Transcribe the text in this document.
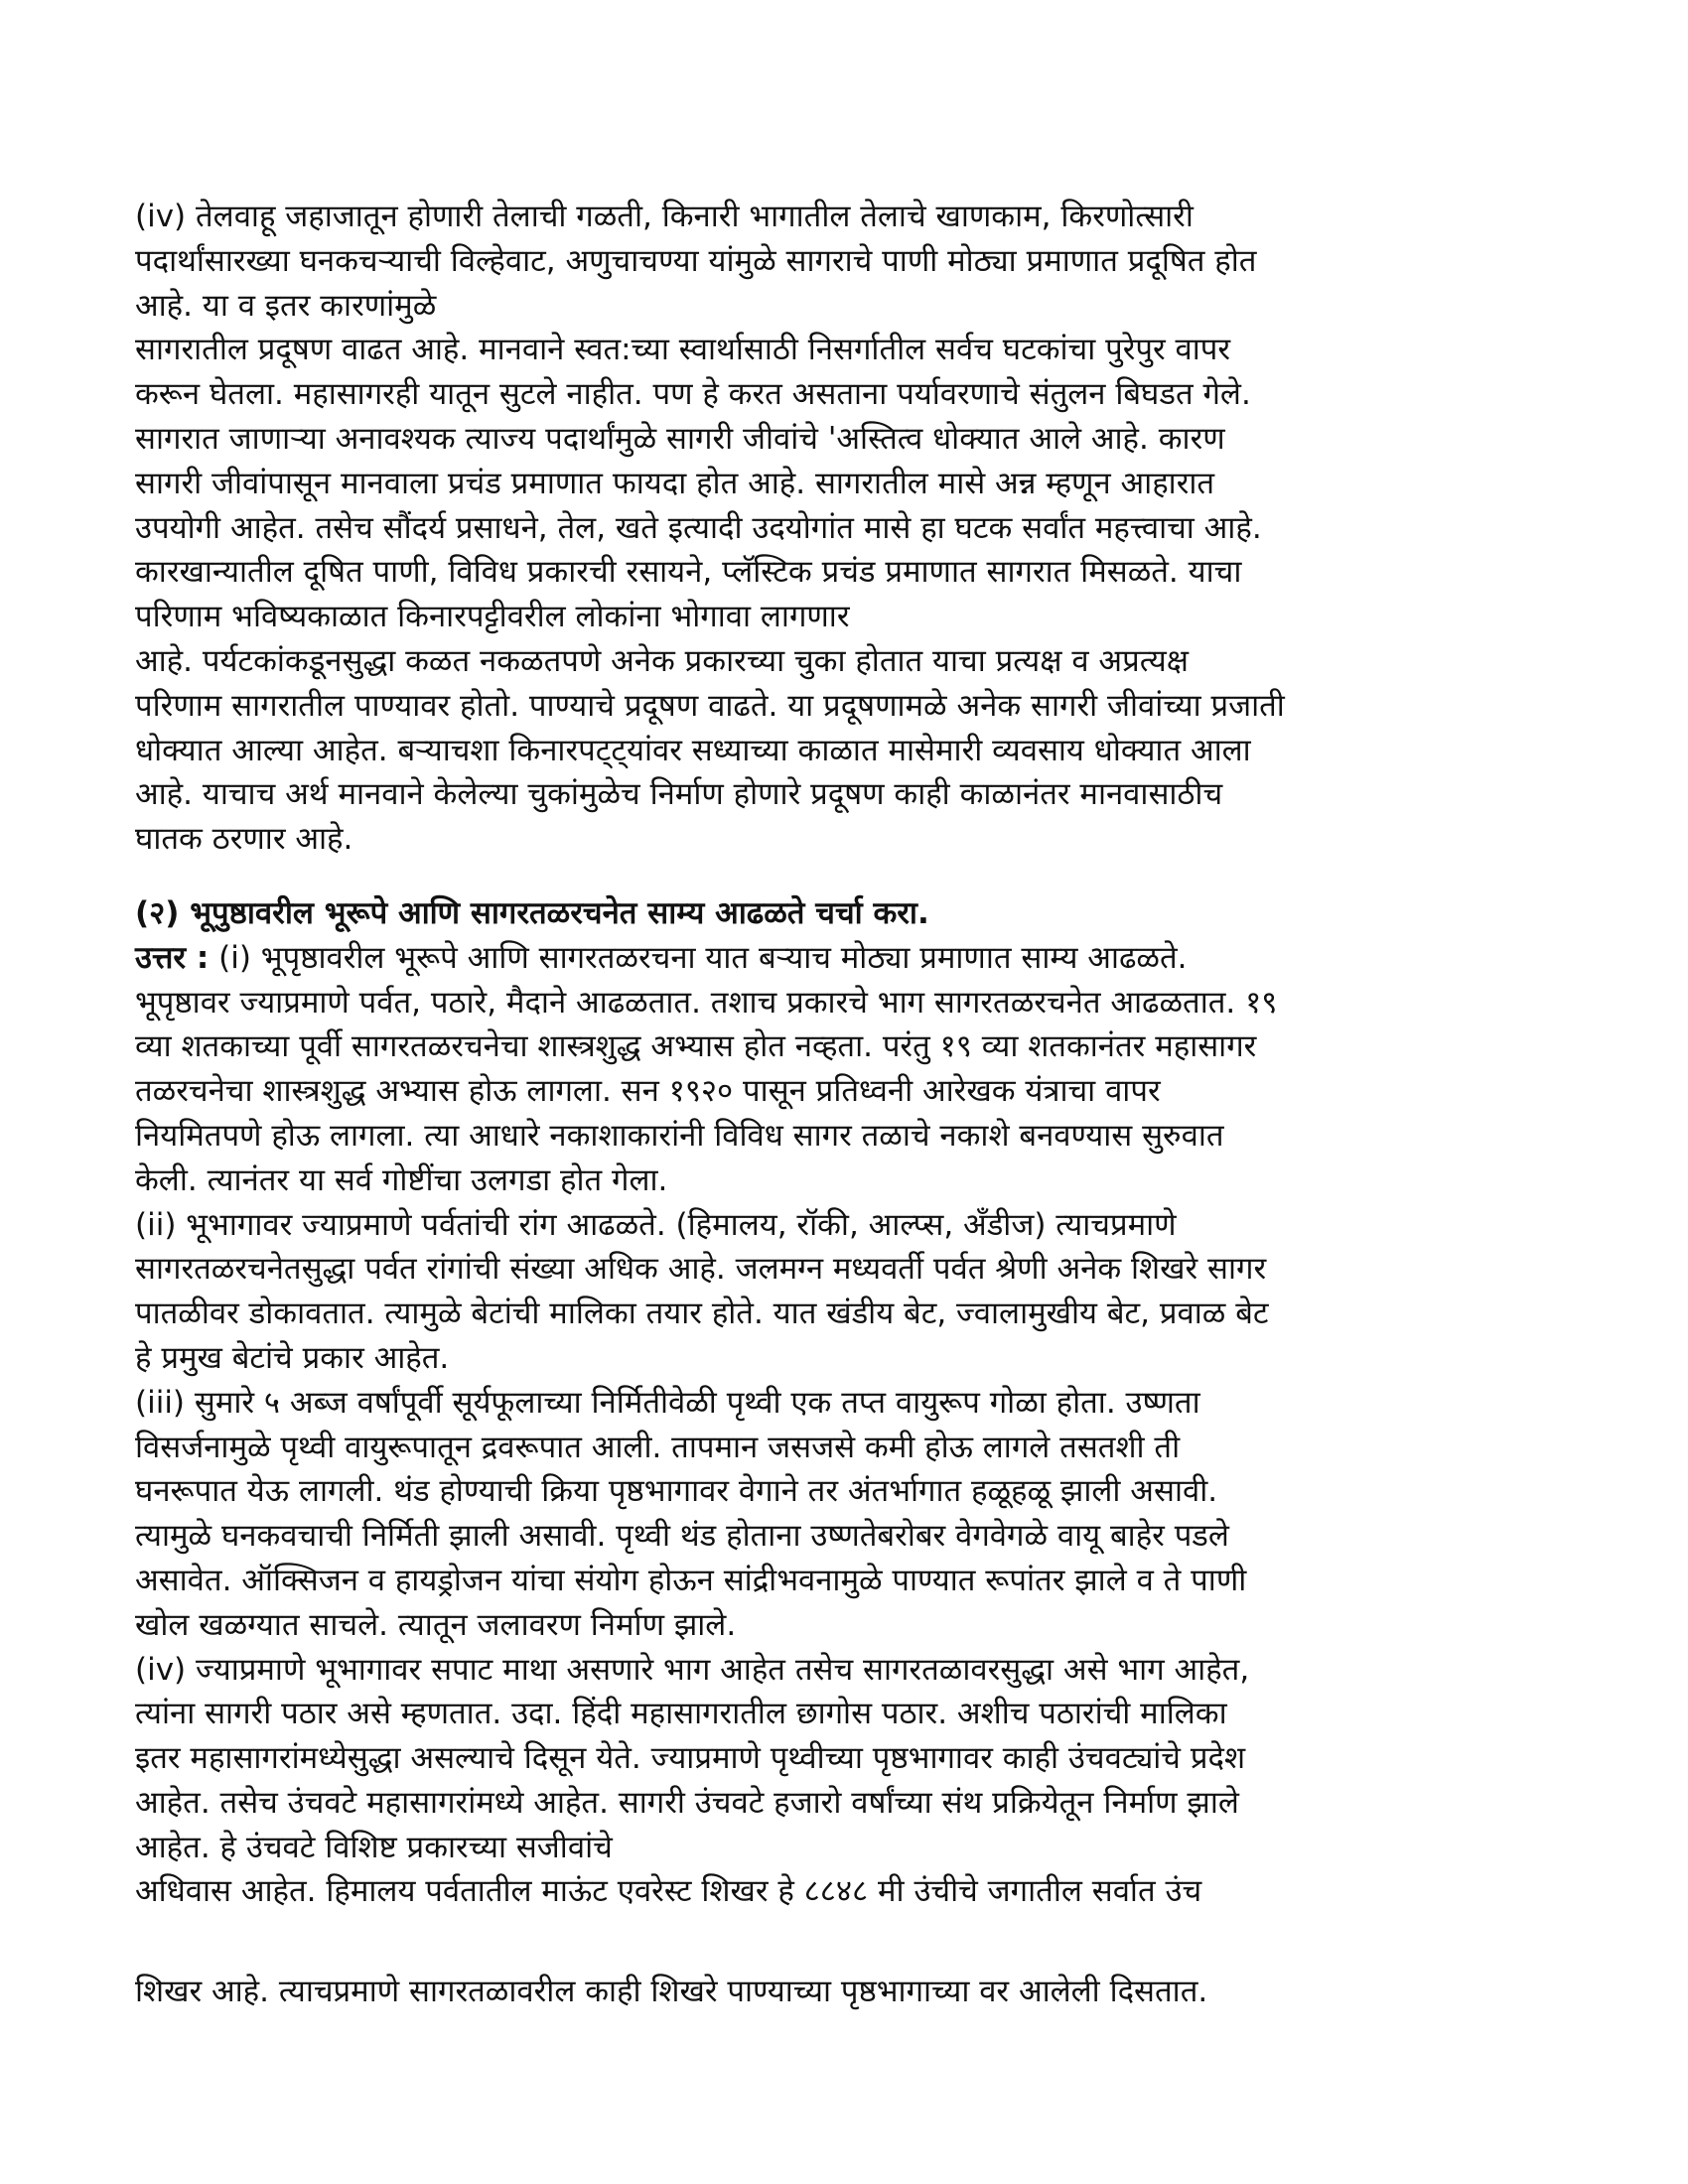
(iv) तेलवाहू जहाजातून होणारी तेलाची गळती, किनारी भागातील तेलाचे खाणकाम, किरणोत्सारी
पदार्थांसारख्या घनकचऱ्याची विल्हेवाट, अणुचाचण्या यांमुळे सागराचे पाणी मोठ्या प्रमाणात प्रदूषित होत
आहे. या व इतर कारणांमुळे
सागरातील प्रदूषण वाढत आहे. मानवाने स्वत:च्या स्वार्थासाठी निसर्गातील सर्वच घटकांचा पुरेपुर वापर
करून घेतला. महासागरही यातून सुटले नाहीत. पण हे करत असताना पर्यावरणाचे संतुलन बिघडत गेले.
सागरात जाणाऱ्या अनावश्यक त्याज्य पदार्थांमुळे सागरी जीवांचे 'अस्तित्व धोक्यात आले आहे. कारण
सागरी जीवांपासून मानवाला प्रचंड प्रमाणात फायदा होत आहे. सागरातील मासे अन्न म्हणून आहारात
उपयोगी आहेत. तसेच सौंदर्य प्रसाधने, तेल, खते इत्यादी उदयोगांत मासे हा घटक सर्वांत महत्त्वाचा आहे.
कारखान्यातील दूषित पाणी, विविध प्रकारची रसायने, प्लॅस्टिक प्रचंड प्रमाणात सागरात मिसळते. याचा
परिणाम भविष्यकाळात किनारपट्टीवरील लोकांना भोगावा लागणार
आहे. पर्यटकांकडूनसुद्धा कळत नकळतपणे अनेक प्रकारच्या चुका होतात याचा प्रत्यक्ष व अप्रत्यक्ष
परिणाम सागरातील पाण्यावर होतो. पाण्याचे प्रदूषण वाढते. या प्रदूषणामळे अनेक सागरी जीवांच्या प्रजाती
धोक्यात आल्या आहेत. बऱ्याचशा किनारपट्ट्यांवर सध्याच्या काळात मासेमारी व्यवसाय धोक्यात आला
आहे. याचाच अर्थ मानवाने केलेल्या चुकांमुळेच निर्माण होणारे प्रदूषण काही काळानंतर मानवासाठीच
घातक ठरणार आहे.
(२) भूपुष्ठावरील भूरूपे आणि सागरतळरचनेत साम्य आढळते चर्चा करा.
उत्तर : (i) भूपृष्ठावरील भूरूपे आणि सागरतळरचना यात बऱ्याच मोठ्या प्रमाणात साम्य आढळते.
भूपृष्ठावर ज्याप्रमाणे पर्वत, पठारे, मैदाने आढळतात. तशाच प्रकारचे भाग सागरतळरचनेत आढळतात. १९
व्या शतकाच्या पूर्वी सागरतळरचनेचा शास्त्रशुद्ध अभ्यास होत नव्हता. परंतु १९ व्या शतकानंतर महासागर
तळरचनेचा शास्त्रशुद्ध अभ्यास होऊ लागला. सन १९२० पासून प्रतिध्वनी आरेखक यंत्राचा वापर
नियमितपणे होऊ लागला. त्या आधारे नकाशाकारांनी विविध सागर तळाचे नकाशे बनवण्यास सुरुवात
केली. त्यानंतर या सर्व गोष्टींचा उलगडा होत गेला.
(ii) भूभागावर ज्याप्रमाणे पर्वतांची रांग आढळते. (हिमालय, रॉकी, आल्प्स, अँडीज) त्याचप्रमाणे
सागरतळरचनेतसुद्धा पर्वत रांगांची संख्या अधिक आहे. जलमग्न मध्यवर्ती पर्वत श्रेणी अनेक शिखरे सागर
पातळीवर डोकावतात. त्यामुळे बेटांची मालिका तयार होते. यात खंडीय बेट, ज्वालामुखीय बेट, प्रवाळ बेट
हे प्रमुख बेटांचे प्रकार आहेत.
(iii) सुमारे ५ अब्ज वर्षांपूर्वी सूर्यफूलाच्या निर्मितीवेळी पृथ्वी एक तप्त वायुरूप गोळा होता. उष्णता
विसर्जनामुळे पृथ्वी वायुरूपातून द्रवरूपात आली. तापमान जसजसे कमी होऊ लागले तसतशी ती
घनरूपात येऊ लागली. थंड होण्याची क्रिया पृष्ठभागावर वेगाने तर अंतर्भागात हळूहळू झाली असावी.
त्यामुळे घनकवचाची निर्मिती झाली असावी. पृथ्वी थंड होताना उष्णतेबरोबर वेगवेगळे वायू बाहेर पडले
असावेत. ऑक्सिजन व हायड्रोजन यांचा संयोग होऊन सांद्रीभवनामुळे पाण्यात रूपांतर झाले व ते पाणी
खोल खळग्यात साचले. त्यातून जलावरण निर्माण झाले.
(iv) ज्याप्रमाणे भूभागावर सपाट माथा असणारे भाग आहेत तसेच सागरतळावरसुद्धा असे भाग आहेत,
त्यांना सागरी पठार असे म्हणतात. उदा. हिंदी महासागरातील छागोस पठार. अशीच पठारांची मालिका
इतर महासागरांमध्येसुद्धा असल्याचे दिसून येते. ज्याप्रमाणे पृथ्वीच्या पृष्ठभागावर काही उंचवट्यांचे प्रदेश
आहेत. तसेच उंचवटे महासागरांमध्ये आहेत. सागरी उंचवटे हजारो वर्षांच्या संथ प्रक्रियेतून निर्माण झाले
आहेत. हे उंचवटे विशिष्ट प्रकारच्या सजीवांचे
अधिवास आहेत. हिमालय पर्वतातील माऊंट एवरेस्ट शिखर हे ८८४८ मी उंचीचे जगातील सर्वात उंच
शिखर आहे. त्याचप्रमाणे सागरतळावरील काही शिखरे पाण्याच्या पृष्ठभागाच्या वर आलेली दिसतात.
